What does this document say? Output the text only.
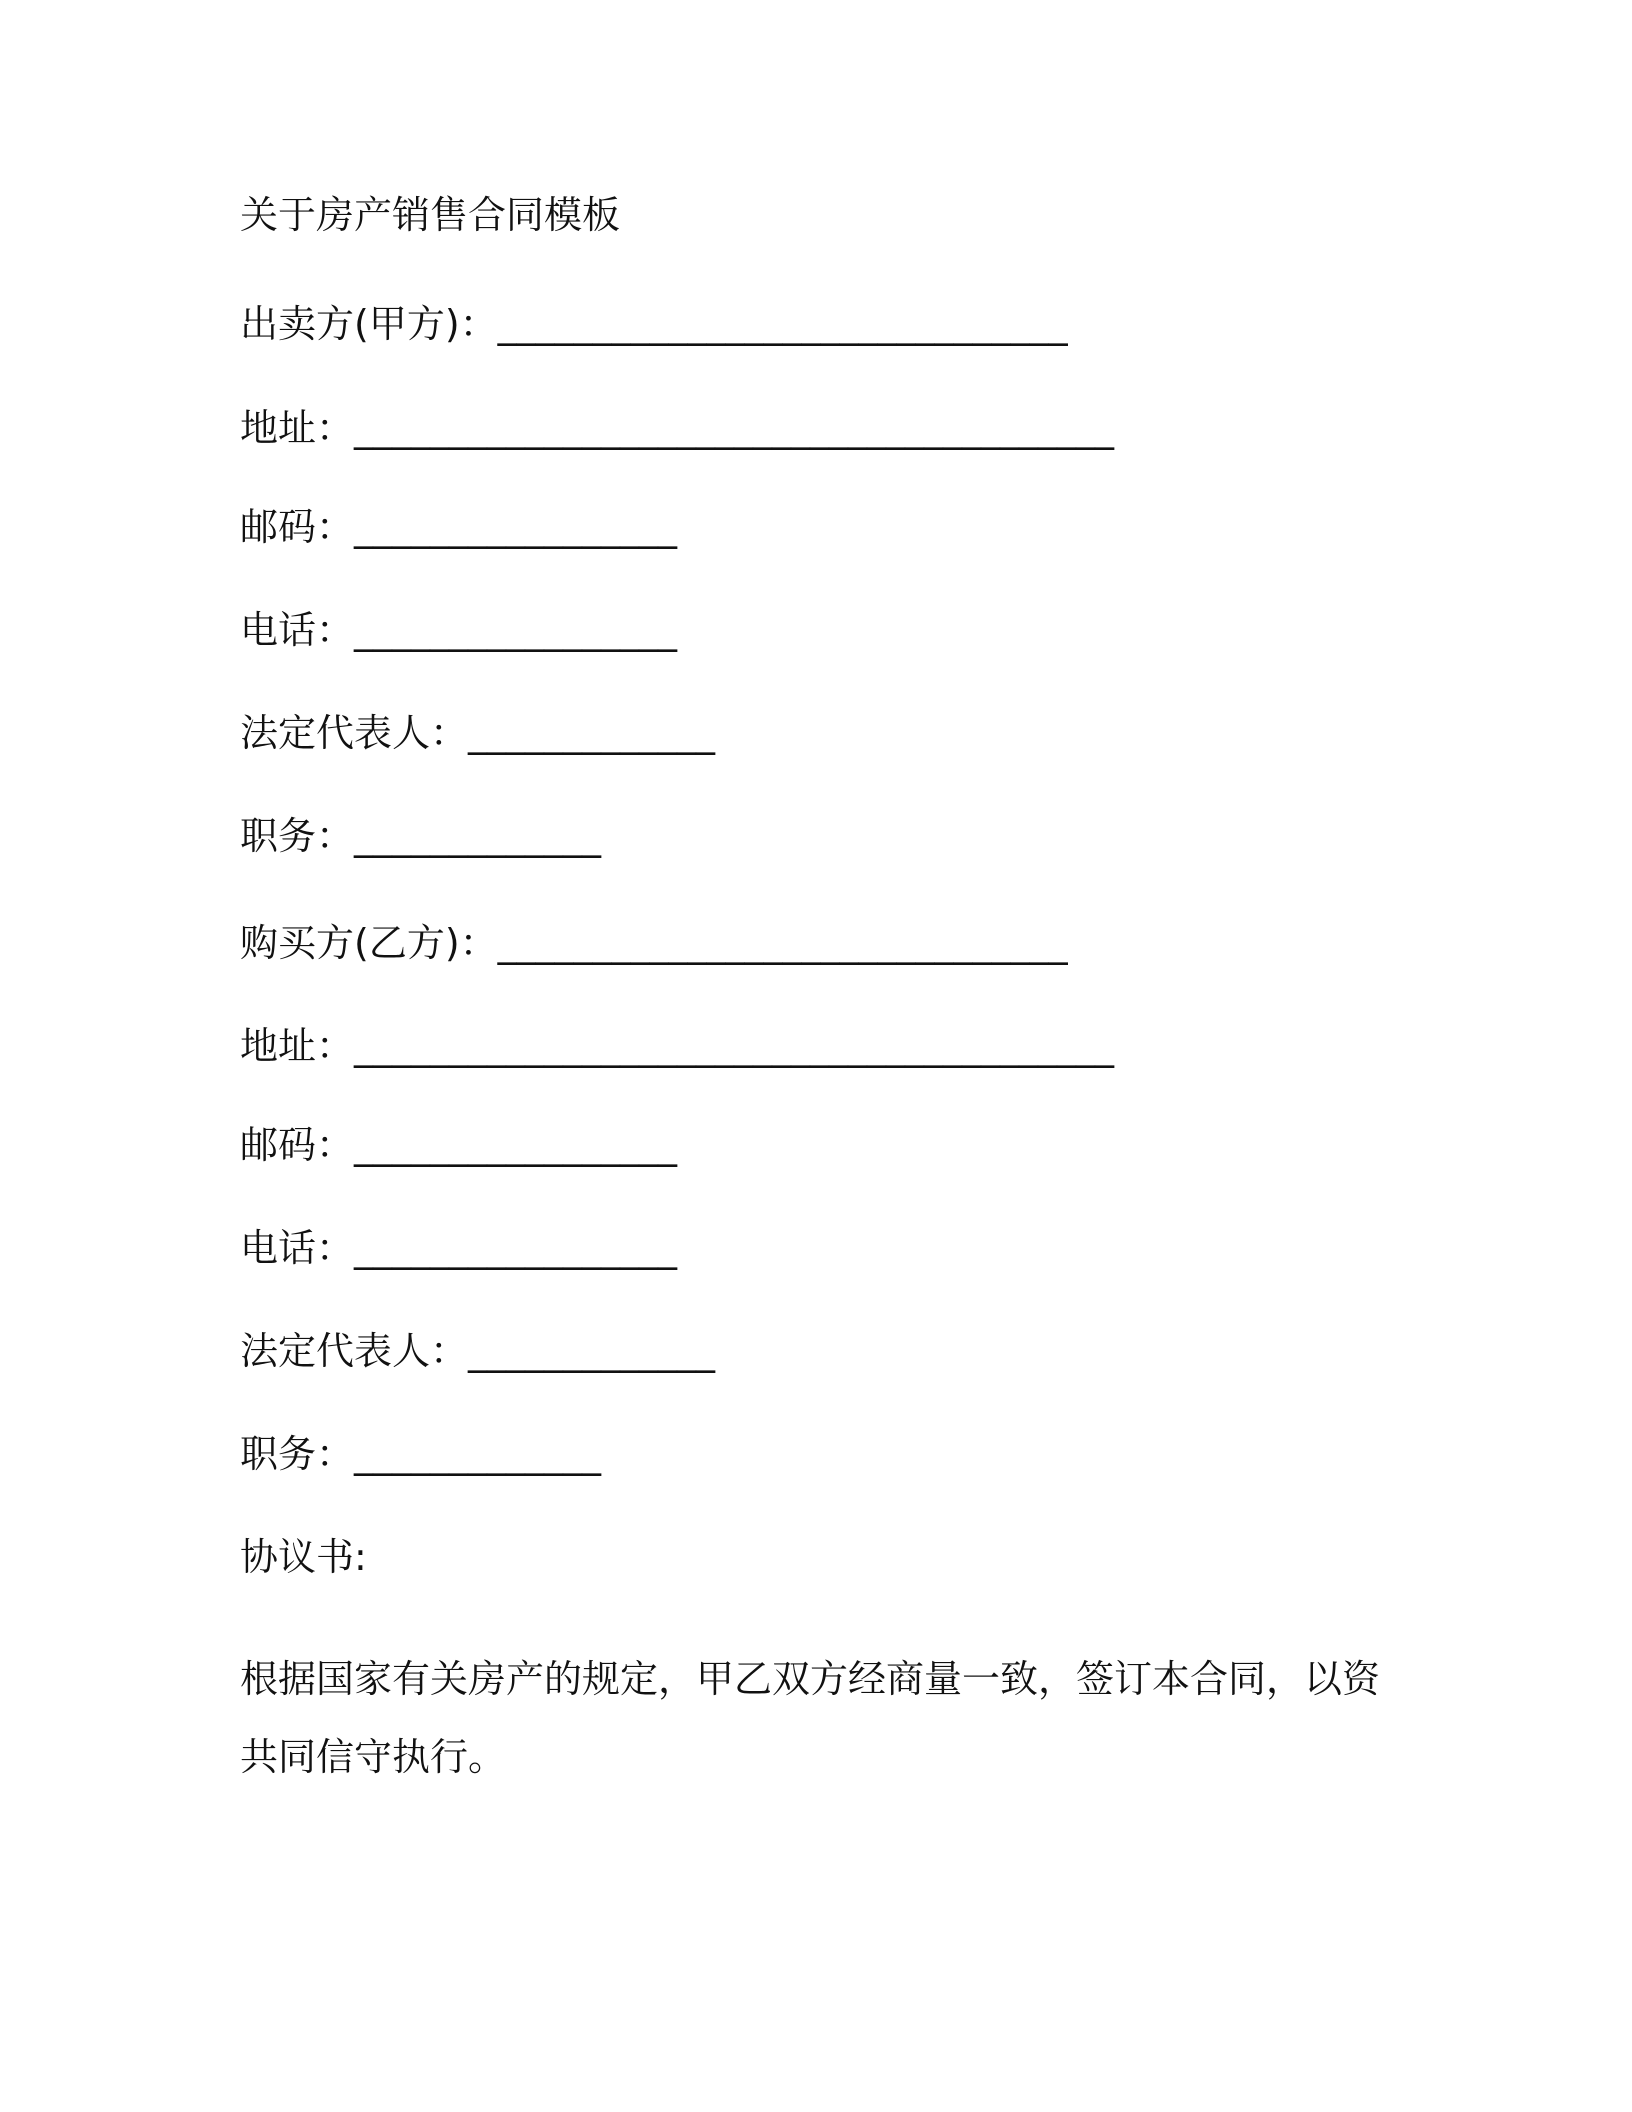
关于房产销售合同模板
出卖方(甲方)：______________________________
地址：________________________________________
邮码：_________________
电话：_________________
法定代表人：_____________
职务：_____________
购买方(乙方)：______________________________
地址：________________________________________
邮码：_________________
电话：_________________
法定代表人：_____________
职务：_____________
协议书:
根据国家有关房产的规定，甲乙双方经商量一致，签订本合同，以资共同信守执行。
